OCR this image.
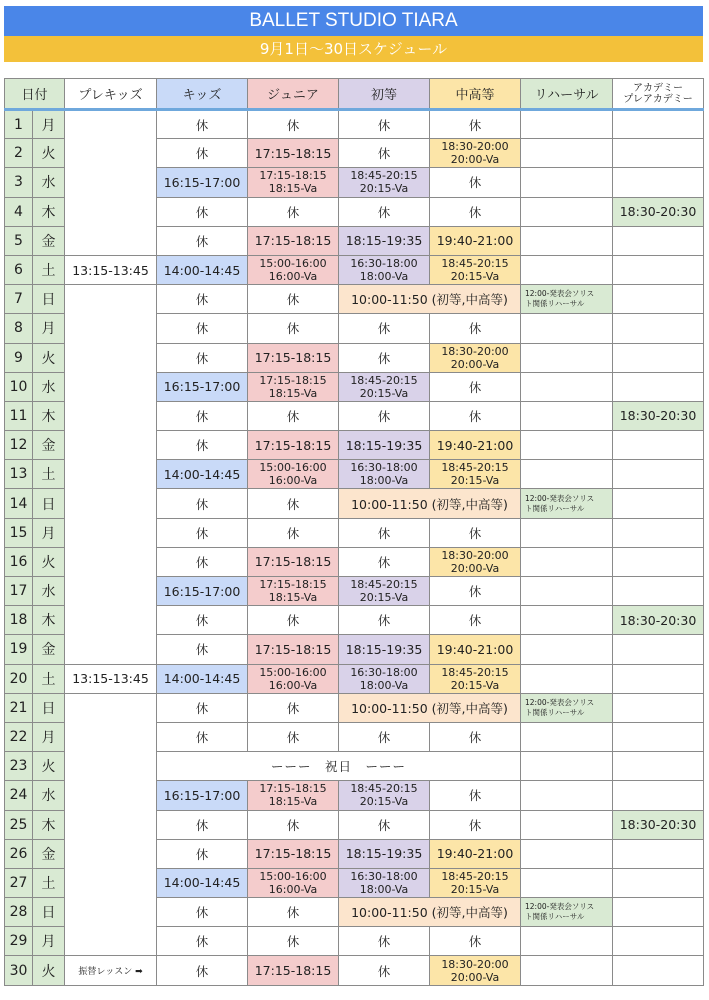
BALLET STUDIO TIARA
9月1日〜30日スケジュール
日付		プレキッズ	キッズ	ジュニア	初等	中高等	リハーサル	アカデミー
プレアカデミー
1	月		休	休	休	休		
2	火		休	17:15-18:15	休	18:30-20:00
20:00-Va		
3	水		16:15-17:00	17:15-18:15
18:15-Va	18:45-20:15
20:15-Va	休		
4	木		休	休	休	休		18:30-20:30
5	金		休	17:15-18:15	18:15-19:35	19:40-21:00		
6	土	13:15-13:45	14:00-14:45	15:00-16:00
16:00-Va	16:30-18:00
18:00-Va	18:45-20:15
20:15-Va		
7	日		休	休	10:00-11:50 (初等,中高等)		12:00-発表会ソリス
ト関係リハーサル	
8	月		休	休	休	休		
9	火		休	17:15-18:15	休	18:30-20:00
20:00-Va		
10	水		16:15-17:00	17:15-18:15
18:15-Va	18:45-20:15
20:15-Va	休		
11	木		休	休	休	休		18:30-20:30
12	金		休	17:15-18:15	18:15-19:35	19:40-21:00		
13	土		14:00-14:45	15:00-16:00
16:00-Va	16:30-18:00
18:00-Va	18:45-20:15
20:15-Va		
14	日		休	休	10:00-11:50 (初等,中高等)		12:00-発表会ソリス
ト関係リハーサル	
15	月		休	休	休	休		
16	火		休	17:15-18:15	休	18:30-20:00
20:00-Va		
17	水		16:15-17:00	17:15-18:15
18:15-Va	18:45-20:15
20:15-Va	休		
18	木		休	休	休	休		18:30-20:30
19	金		休	17:15-18:15	18:15-19:35	19:40-21:00		
20	土	13:15-13:45	14:00-14:45	15:00-16:00
16:00-Va	16:30-18:00
18:00-Va	18:45-20:15
20:15-Va		
21	日		休	休	10:00-11:50 (初等,中高等)		12:00-発表会ソリス
ト関係リハーサル	
22	月		休	休	休	休		
23	火		ーーー　祝日　ーーー					
24	水		16:15-17:00	17:15-18:15
18:15-Va	18:45-20:15
20:15-Va	休		
25	木		休	休	休	休		18:30-20:30
26	金		休	17:15-18:15	18:15-19:35	19:40-21:00		
27	土		14:00-14:45	15:00-16:00
16:00-Va	16:30-18:00
18:00-Va	18:45-20:15
20:15-Va		
28	日		休	休	10:00-11:50 (初等,中高等)		12:00-発表会ソリス
ト関係リハーサル	
29	月		休	休	休	休		
30	火	振替レッスン ➡	休	17:15-18:15	休	18:30-20:00
20:00-Va		
